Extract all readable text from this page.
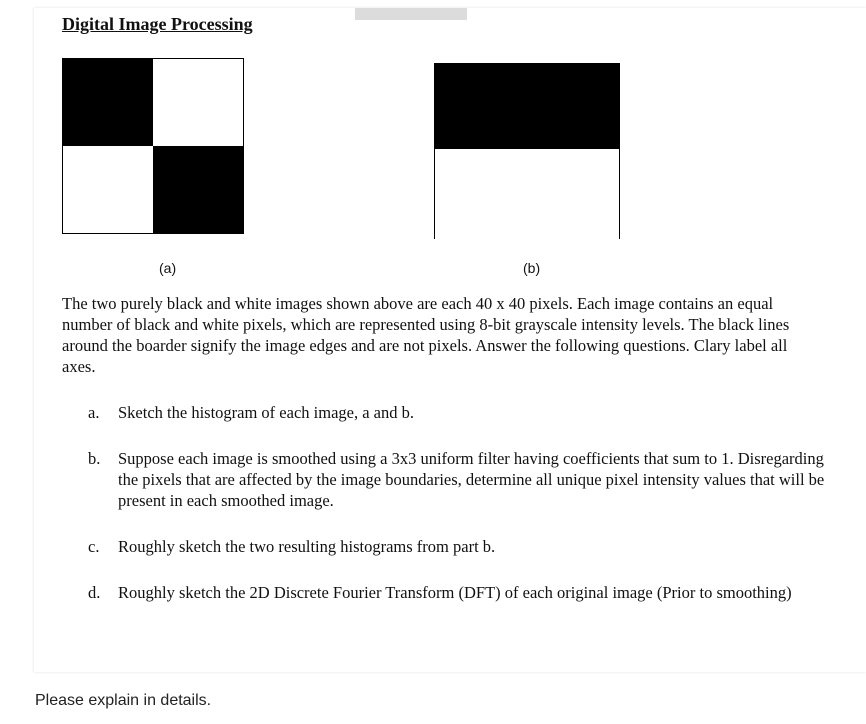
Digital Image Processing
(a)	(b)

The two purely black and white images shown above are each 40 x 40 pixels. Each image contains an equal number of black and white pixels, which are represented using 8-bit grayscale intensity levels. The black lines around the boarder signify the image edges and are not pixels. Answer the following questions. Clary label all axes.

a. Sketch the histogram of each image, a and b.
b. Suppose each image is smoothed using a 3x3 uniform filter having coefficients that sum to 1. Disregarding the pixels that are affected by the image boundaries, determine all unique pixel intensity values that will be present in each smoothed image.
c. Roughly sketch the two resulting histograms from part b.
d. Roughly sketch the 2D Discrete Fourier Transform (DFT) of each original image (Prior to smoothing)

Please explain in details.
